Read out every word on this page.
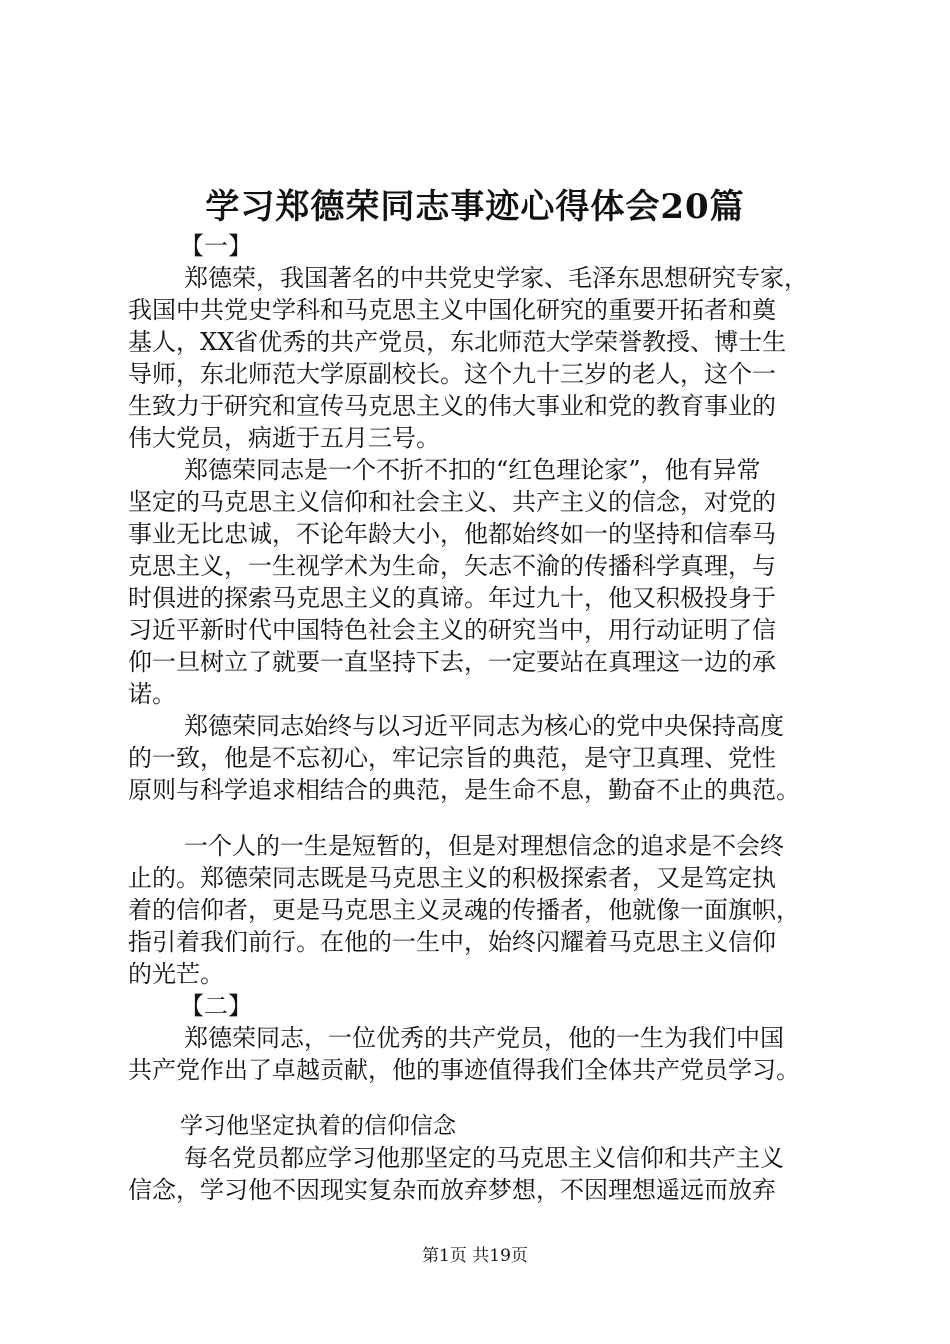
学习郑德荣同志事迹心得体会20篇
【一】
郑德荣，我国著名的中共党史学家、毛泽东思想研究专家，
我国中共党史学科和马克思主义中国化研究的重要开拓者和奠
基人，XX省优秀的共产党员，东北师范大学荣誉教授、博士生
导师，东北师范大学原副校长。这个九十三岁的老人，这个一
生致力于研究和宣传马克思主义的伟大事业和党的教育事业的
伟大党员，病逝于五月三号。
郑德荣同志是一个不折不扣的“红色理论家”，他有异常
坚定的马克思主义信仰和社会主义、共产主义的信念，对党的
事业无比忠诚，不论年龄大小，他都始终如一的坚持和信奉马
克思主义，一生视学术为生命，矢志不渝的传播科学真理，与
时俱进的探索马克思主义的真谛。年过九十，他又积极投身于
习近平新时代中国特色社会主义的研究当中，用行动证明了信
仰一旦树立了就要一直坚持下去，一定要站在真理这一边的承
诺。
郑德荣同志始终与以习近平同志为核心的党中央保持高度
的一致，他是不忘初心，牢记宗旨的典范，是守卫真理、党性
原则与科学追求相结合的典范，是生命不息，勤奋不止的典范。
一个人的一生是短暂的，但是对理想信念的追求是不会终
止的。郑德荣同志既是马克思主义的积极探索者，又是笃定执
着的信仰者，更是马克思主义灵魂的传播者，他就像一面旗帜，
指引着我们前行。在他的一生中，始终闪耀着马克思主义信仰
的光芒。
【二】
郑德荣同志，一位优秀的共产党员，他的一生为我们中国
共产党作出了卓越贡献，他的事迹值得我们全体共产党员学习。
学习他坚定执着的信仰信念
每名党员都应学习他那坚定的马克思主义信仰和共产主义
信念，学习他不因现实复杂而放弃梦想，不因理想遥远而放弃
第1页 共19页
